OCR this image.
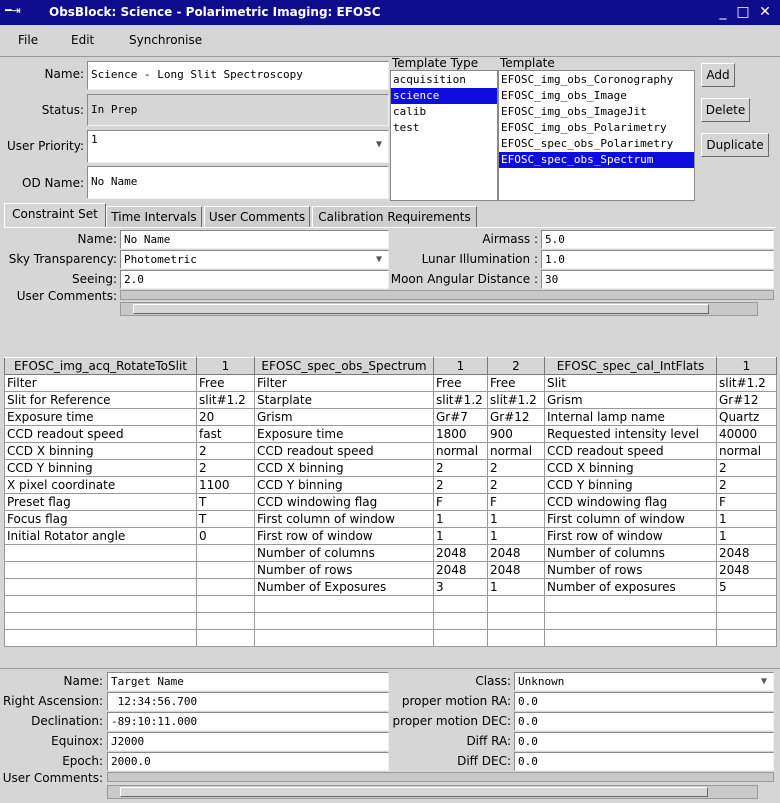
━⇥	ObsBlock: Science - Polarimetric Imaging: EFOSC	_ □ ✕
File	Edit	Synchronise
Name: Science - Long Slit Spectroscopy
Status: In Prep
User Priority: 1	▼
OD Name: No Name
Template Type
acquisition
science
calib
test
Template
EFOSC_img_obs_Coronography
EFOSC_img_obs_Image
EFOSC_img_obs_ImageJit
EFOSC_img_obs_Polarimetry
EFOSC_spec_obs_Polarimetry
EFOSC_spec_obs_Spectrum
Add
Delete
Duplicate
Constraint Set	Time Intervals	User Comments	Calibration Requirements
Name: No Name
Sky Transparency: Photometric	▼
Seeing: 2.0
User Comments:
Airmass : 5.0
Lunar Illumination : 1.0
Moon Angular Distance : 30
EFOSC_img_acq_RotateToSlit	1	EFOSC_spec_obs_Spectrum	1	2	EFOSC_spec_cal_IntFlats	1
Filter	Free	Filter	Free	Free	Slit	slit#1.2
Slit for Reference	slit#1.2	Starplate	slit#1.2	slit#1.2	Grism	Gr#12
Exposure time	20	Grism	Gr#7	Gr#12	Internal lamp name	Quartz
CCD readout speed	fast	Exposure time	1800	900	Requested intensity level	40000
CCD X binning	2	CCD readout speed	normal	normal	CCD readout speed	normal
CCD Y binning	2	CCD X binning	2	2	CCD X binning	2
X pixel coordinate	1100	CCD Y binning	2	2	CCD Y binning	2
Preset flag	T	CCD windowing flag	F	F	CCD windowing flag	F
Focus flag	T	First column of window	1	1	First column of window	1
Initial Rotator angle	0	First row of window	1	1	First row of window	1
		Number of columns	2048	2048	Number of columns	2048
		Number of rows	2048	2048	Number of rows	2048
		Number of Exposures	3	1	Number of exposures	5

Name: Target Name
Right Ascension: 12:34:56.700
Declination: -89:10:11.000
Equinox: J2000
Epoch: 2000.0
User Comments:
Class: Unknown	▼
proper motion RA: 0.0
proper motion DEC: 0.0
Diff RA: 0.0
Diff DEC: 0.0
